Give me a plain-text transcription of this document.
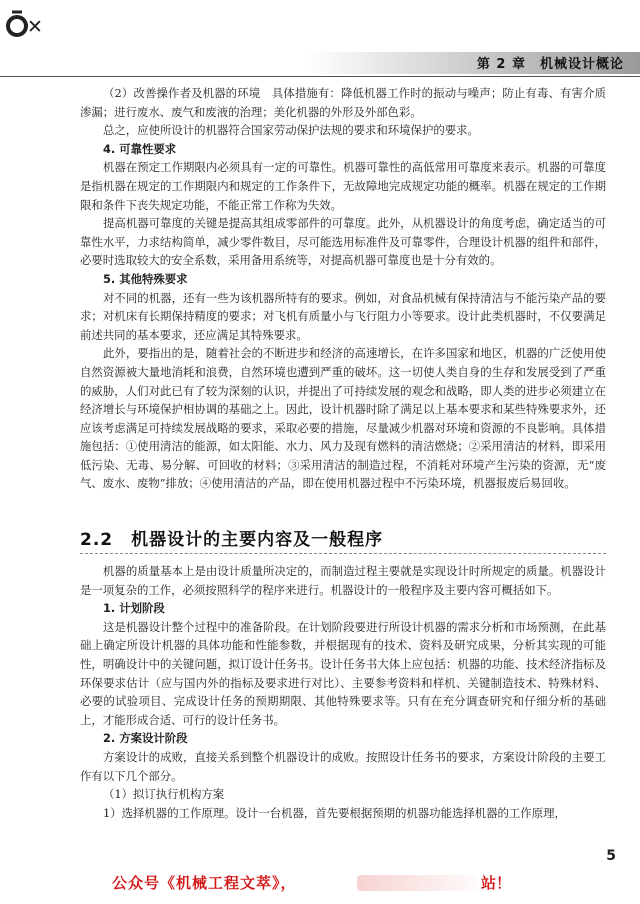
✕
第 2 章　机械设计概论

（2）改善操作者及机器的环境　具体措施有：降低机器工作时的振动与噪声；防止有毒、有害介质渗漏；进行废水、废气和废液的治理；美化机器的外形及外部色彩。

总之，应使所设计的机器符合国家劳动保护法规的要求和环境保护的要求。

4. 可靠性要求

机器在预定工作期限内必须具有一定的可靠性。机器可靠性的高低常用可靠度来表示。机器的可靠度是指机器在规定的工作期限内和规定的工作条件下，无故障地完成规定功能的概率。机器在规定的工作期限和条件下丧失规定功能，不能正常工作称为失效。

提高机器可靠度的关键是提高其组成零部件的可靠度。此外，从机器设计的角度考虑，确定适当的可靠性水平，力求结构简单，减少零件数目，尽可能选用标准件及可靠零件，合理设计机器的组件和部件，必要时选取较大的安全系数，采用备用系统等，对提高机器可靠度也是十分有效的。

5. 其他特殊要求

对不同的机器，还有一些为该机器所特有的要求。例如，对食品机械有保持清洁与不能污染产品的要求；对机床有长期保持精度的要求；对飞机有质量小与飞行阻力小等要求。设计此类机器时，不仅要满足前述共同的基本要求，还应满足其特殊要求。

此外，要指出的是，随着社会的不断进步和经济的高速增长，在许多国家和地区，机器的广泛使用使自然资源被大量地消耗和浪费，自然环境也遭到严重的破坏。这一切使人类自身的生存和发展受到了严重的威胁，人们对此已有了较为深刻的认识，并提出了可持续发展的观念和战略，即人类的进步必须建立在经济增长与环境保护相协调的基础之上。因此，设计机器时除了满足以上基本要求和某些特殊要求外，还应该考虑满足可持续发展战略的要求，采取必要的措施，尽量减少机器对环境和资源的不良影响。具体措施包括：①使用清洁的能源，如太阳能、水力、风力及现有燃料的清洁燃烧；②采用清洁的材料，即采用低污染、无毒、易分解、可回收的材料；③采用清洁的制造过程，不消耗对环境产生污染的资源，无“废气、废水、废物”排放；④使用清洁的产品，即在使用机器过程中不污染环境，机器报废后易回收。

2.2 机器设计的主要内容及一般程序

机器的质量基本上是由设计质量所决定的，而制造过程主要就是实现设计时所规定的质量。机器设计是一项复杂的工作，必须按照科学的程序来进行。机器设计的一般程序及主要内容可概括如下。

1. 计划阶段

这是机器设计整个过程中的准备阶段。在计划阶段要进行所设计机器的需求分析和市场预测，在此基础上确定所设计机器的具体功能和性能参数，并根据现有的技术、资料及研究成果，分析其实现的可能性，明确设计中的关键问题，拟订设计任务书。设计任务书大体上应包括：机器的功能、技术经济指标及环保要求估计（应与国内外的指标及要求进行对比）、主要参考资料和样机、关键制造技术、特殊材料、必要的试验项目、完成设计任务的预期期限、其他特殊要求等。只有在充分调查研究和仔细分析的基础上，才能形成合适、可行的设计任务书。

2. 方案设计阶段

方案设计的成败，直接关系到整个机器设计的成败。按照设计任务书的要求，方案设计阶段的主要工作有以下几个部分。

（1）拟订执行机构方案

1）选择机器的工作原理。设计一台机器，首先要根据预期的机器功能选择机器的工作原理，

5
公众号《机械工程文萃》，	站！
